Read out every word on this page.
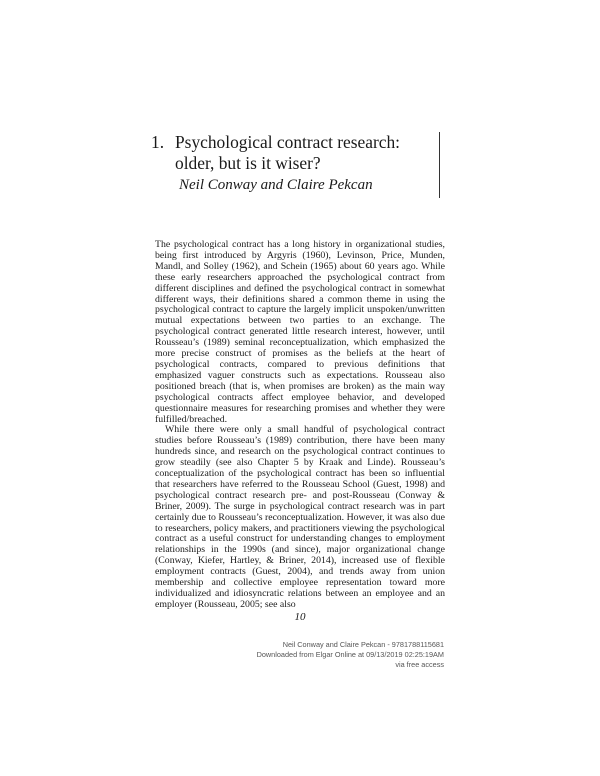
1. Psychological contract research: older, but is it wiser?
Neil Conway and Claire Pekcan

The psychological contract has a long history in organizational studies, being first introduced by Argyris (1960), Levinson, Price, Munden, Mandl, and Solley (1962), and Schein (1965) about 60 years ago. While these early researchers approached the psychological contract from different disciplines and defined the psychological contract in somewhat different ways, their definitions shared a common theme in using the psychological contract to capture the largely implicit unspoken/unwritten mutual expectations between two parties to an exchange. The psychological contract generated little research interest, however, until Rousseau’s (1989) seminal reconceptualization, which emphasized the more precise construct of promises as the beliefs at the heart of psychological contracts, compared to previous definitions that emphasized vaguer constructs such as expectations. Rousseau also positioned breach (that is, when promises are broken) as the main way psychological contracts affect employee behavior, and developed questionnaire measures for researching promises and whether they were fulfilled/breached.

While there were only a small handful of psychological contract studies before Rousseau’s (1989) contribution, there have been many hundreds since, and research on the psychological contract continues to grow steadily (see also Chapter 5 by Kraak and Linde). Rousseau’s conceptualization of the psychological contract has been so influential that researchers have referred to the Rousseau School (Guest, 1998) and psychological contract research pre- and post-Rousseau (Conway & Briner, 2009). The surge in psychological contract research was in part certainly due to Rousseau’s reconceptualization. However, it was also due to researchers, policy makers, and practitioners viewing the psychological contract as a useful construct for understanding changes to employment relationships in the 1990s (and since), major organizational change (Conway, Kiefer, Hartley, & Briner, 2014), increased use of flexible employment contracts (Guest, 2004), and trends away from union membership and collective employee representation toward more individualized and idiosyncratic relations between an employee and an employer (Rousseau, 2005; see also

10
Neil Conway and Claire Pekcan - 9781788115681
Downloaded from Elgar Online at 09/13/2019 02:25:19AM
via free access
